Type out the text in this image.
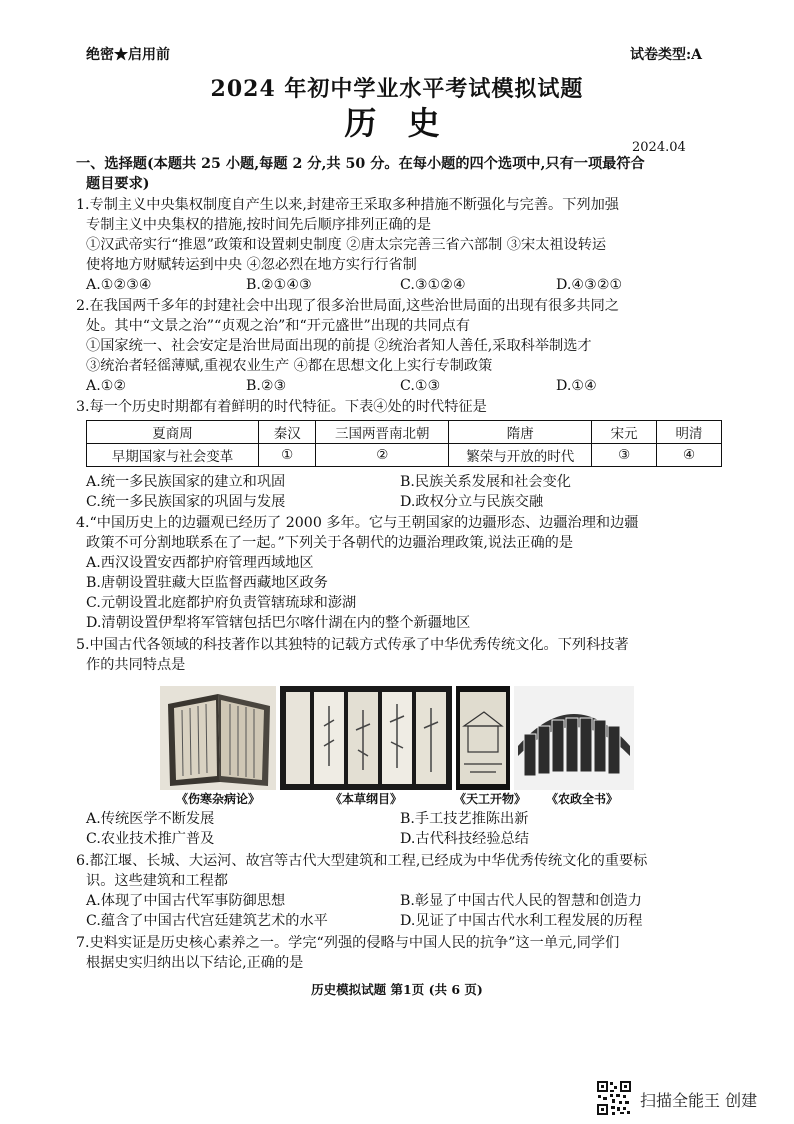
绝密★启用前	试卷类型:A
2024 年初中学业水平考试模拟试题
历 史
2024.04
一、选择题(本题共 25 小题,每题 2 分,共 50 分。在每小题的四个选项中,只有一项最符合
题目要求)
1.专制主义中央集权制度自产生以来,封建帝王采取多种措施不断强化与完善。下列加强
专制主义中央集权的措施,按时间先后顺序排列正确的是
①汉武帝实行“推恩”政策和设置刺史制度 ②唐太宗完善三省六部制 ③宋太祖设转运
使将地方财赋转运到中央 ④忽必烈在地方实行行省制
A.①②③④	B.②①④③	C.③①②④	D.④③②①
2.在我国两千多年的封建社会中出现了很多治世局面,这些治世局面的出现有很多共同之
处。其中“文景之治”“贞观之治”和“开元盛世”出现的共同点有
①国家统一、社会安定是治世局面出现的前提 ②统治者知人善任,采取科举制选才
③统治者轻徭薄赋,重视农业生产 ④都在思想文化上实行专制政策
A.①②	B.②③	C.①③	D.①④
3.每一个历史时期都有着鲜明的时代特征。下表④处的时代特征是
夏商周	秦汉	三国两晋南北朝	隋唐	宋元	明清
早期国家与社会变革	①	②	繁荣与开放的时代	③	④
A.统一多民族国家的建立和巩固	B.民族关系发展和社会变化
C.统一多民族国家的巩固与发展	D.政权分立与民族交融
4.“中国历史上的边疆观已经历了 2000 多年。它与王朝国家的边疆形态、边疆治理和边疆
政策不可分割地联系在了一起。”下列关于各朝代的边疆治理政策,说法正确的是
A.西汉设置安西都护府管理西域地区
B.唐朝设置驻藏大臣监督西藏地区政务
C.元朝设置北庭都护府负责管辖琉球和澎湖
D.清朝设置伊犁将军管辖包括巴尔喀什湖在内的整个新疆地区
5.中国古代各领域的科技著作以其独特的记载方式传承了中华优秀传统文化。下列科技著
作的共同特点是
《伤寒杂病论》	《本草纲目》	《天工开物》 《农政全书》
A.传统医学不断发展	B.手工技艺推陈出新
C.农业技术推广普及	D.古代科技经验总结
6.都江堰、长城、大运河、故宫等古代大型建筑和工程,已经成为中华优秀传统文化的重要标
识。这些建筑和工程都
A.体现了中国古代军事防御思想	B.彰显了中国古代人民的智慧和创造力
C.蕴含了中国古代宫廷建筑艺术的水平	D.见证了中国古代水利工程发展的历程
7.史料实证是历史核心素养之一。学完“列强的侵略与中国人民的抗争”这一单元,同学们
根据史实归纳出以下结论,正确的是
历史模拟试题 第1页 (共 6 页)
扫描全能王 创建
